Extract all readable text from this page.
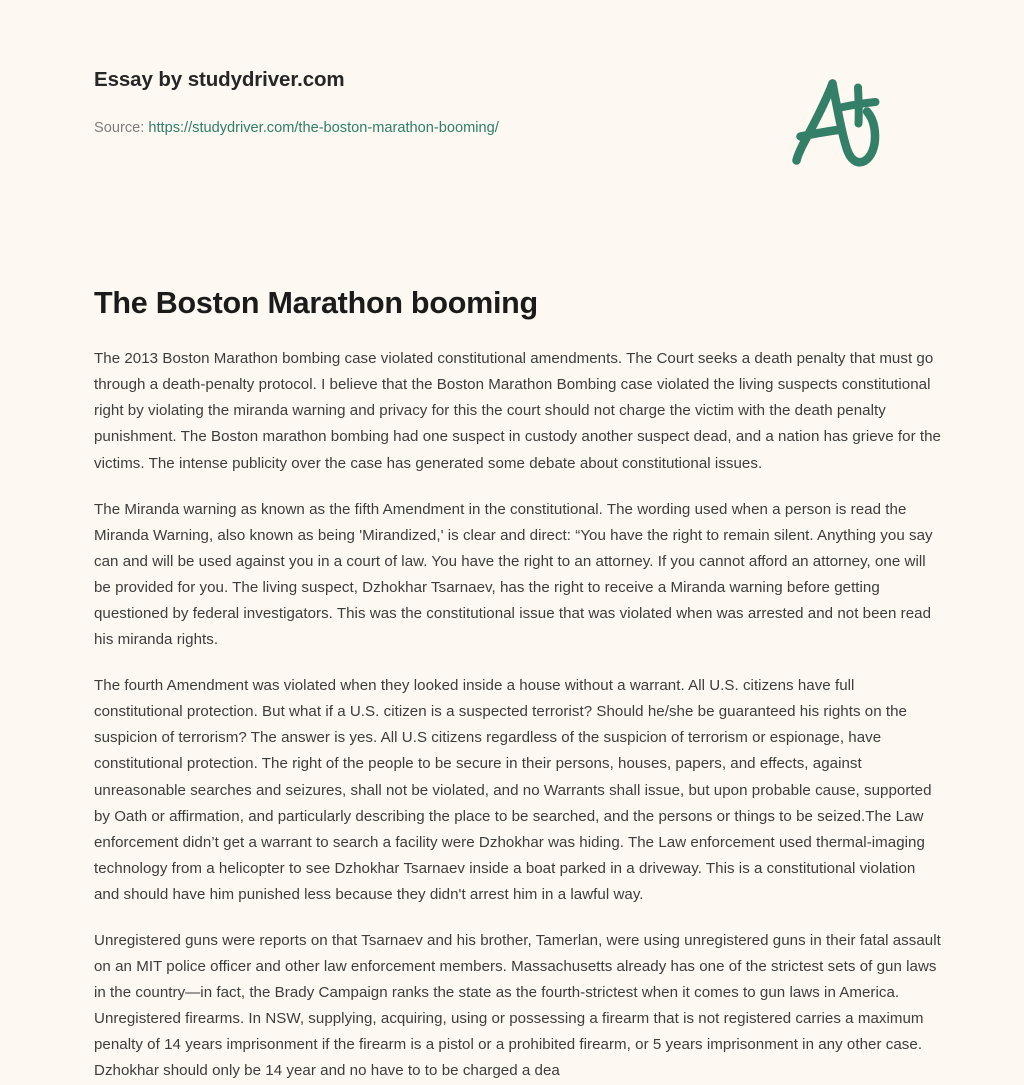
Essay by studydriver.com
Source: https://studydriver.com/the-boston-marathon-booming/
The Boston Marathon booming

The 2013 Boston Marathon bombing case violated constitutional amendments. The Court seeks a death penalty that must go through a death-penalty protocol. I believe that the Boston Marathon Bombing case violated the living suspects constitutional right by violating the miranda warning and privacy for this the court should not charge the victim with the death penalty punishment. The Boston marathon bombing had one suspect in custody another suspect dead, and a nation has grieve for the victims. The intense publicity over the case has generated some debate about constitutional issues.

The Miranda warning as known as the fifth Amendment in the constitutional. The wording used when a person is read the Miranda Warning, also known as being 'Mirandized,' is clear and direct: “You have the right to remain silent. Anything you say can and will be used against you in a court of law. You have the right to an attorney. If you cannot afford an attorney, one will be provided for you. The living suspect, Dzhokhar Tsarnaev, has the right to receive a Miranda warning before getting questioned by federal investigators. This was the constitutional issue that was violated when was arrested and not been read his miranda rights.

The fourth Amendment was violated when they looked inside a house without a warrant. All U.S. citizens have full constitutional protection. But what if a U.S. citizen is a suspected terrorist? Should he/she be guaranteed his rights on the suspicion of terrorism? The answer is yes. All U.S citizens regardless of the suspicion of terrorism or espionage, have constitutional protection. The right of the people to be secure in their persons, houses, papers, and effects, against unreasonable searches and seizures, shall not be violated, and no Warrants shall issue, but upon probable cause, supported by Oath or affirmation, and particularly describing the place to be searched, and the persons or things to be seized.The Law enforcement didn’t get a warrant to search a facility were Dzhokhar was hiding. The Law enforcement used thermal-imaging technology from a helicopter to see Dzhokhar Tsarnaev inside a boat parked in a driveway. This is a constitutional violation and should have him punished less because they didn't arrest him in a lawful way.

Unregistered guns were reports on that Tsarnaev and his brother, Tamerlan, were using unregistered guns in their fatal assault on an MIT police officer and other law enforcement members. Massachusetts already has one of the strictest sets of gun laws in the country—in fact, the Brady Campaign ranks the state as the fourth-strictest when it comes to gun laws in America. Unregistered firearms. In NSW, supplying, acquiring, using or possessing a firearm that is not registered carries a maximum penalty of 14 years imprisonment if the firearm is a pistol or a prohibited firearm, or 5 years imprisonment in any other case. Dzhokhar should only be 14 year and no have to to be charged a dea
